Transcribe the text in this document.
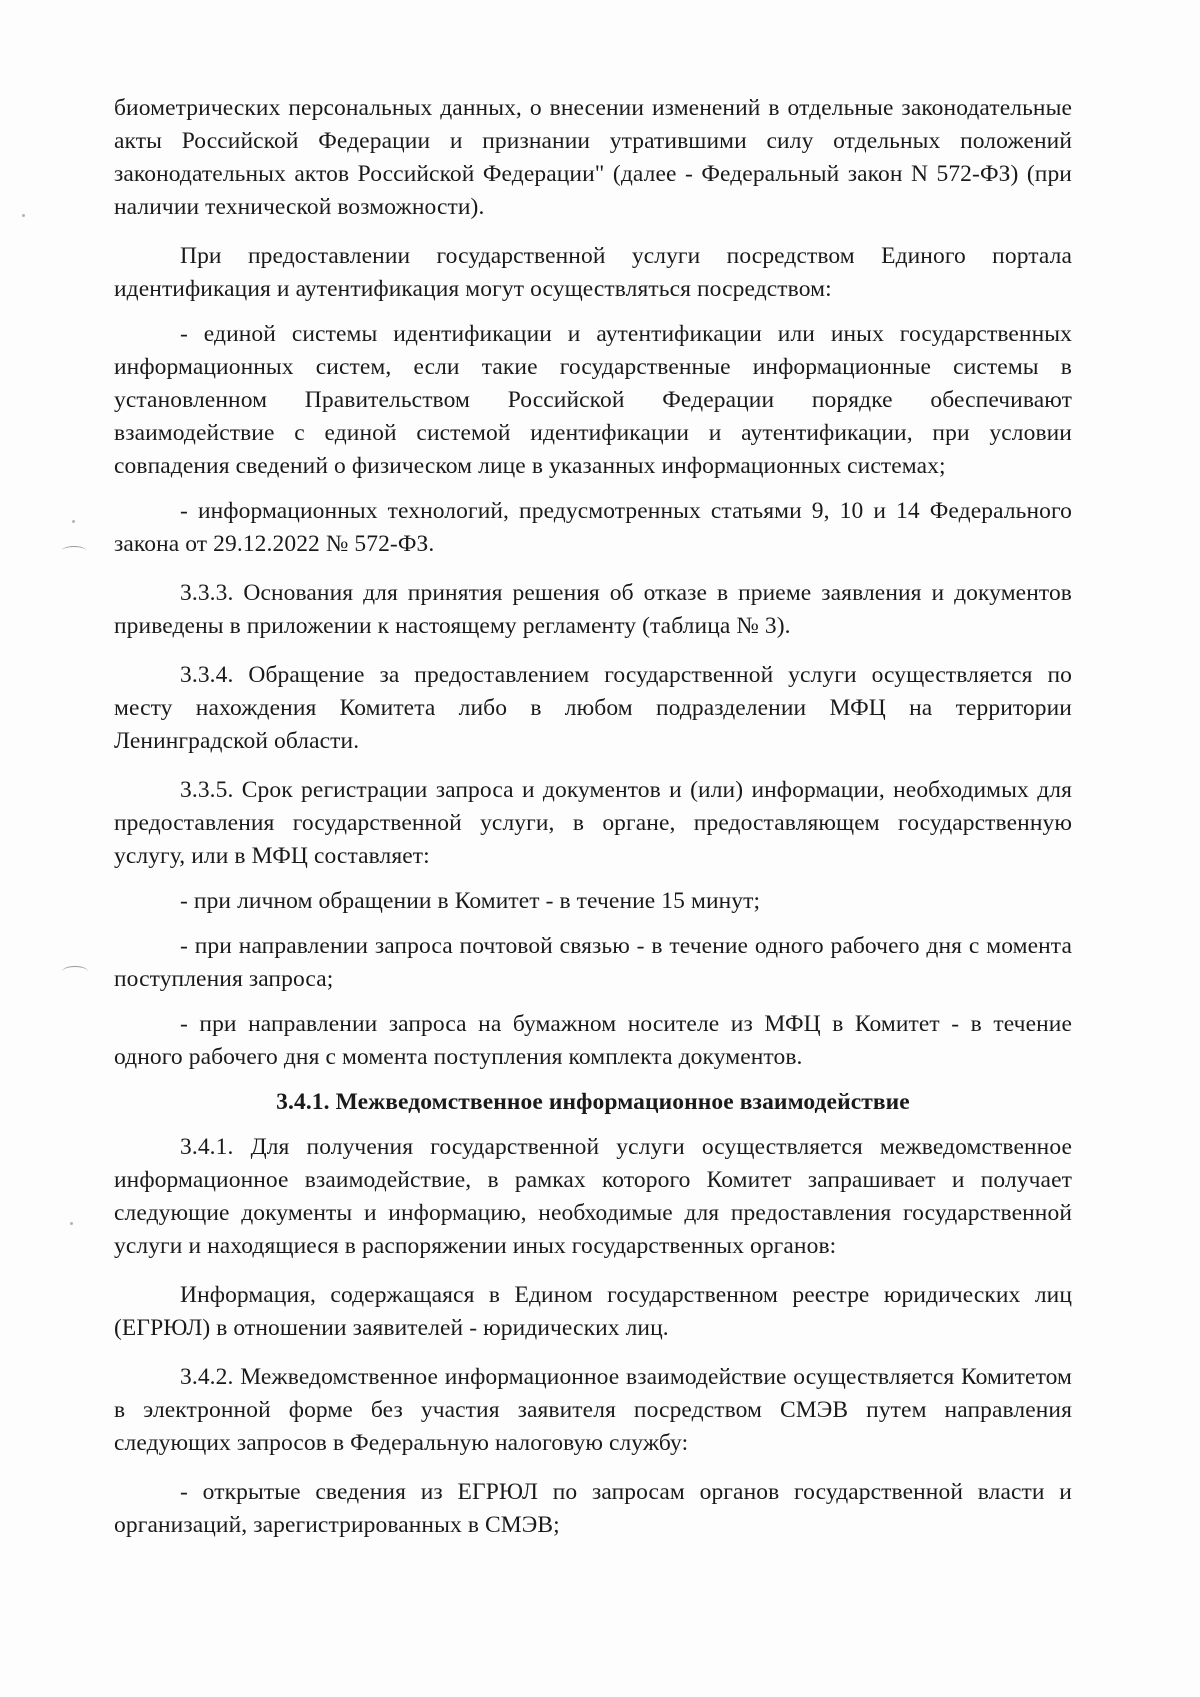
биометрических персональных данных, о внесении изменений в отдельные законодательные акты Российской Федерации и признании утратившими силу отдельных положений законодательных актов Российской Федерации" (далее - Федеральный закон N 572-ФЗ) (при наличии технической возможности).

При предоставлении государственной услуги посредством Единого портала идентификация и аутентификация могут осуществляться посредством:

- единой системы идентификации и аутентификации или иных государственных информационных систем, если такие государственные информационные системы в установленном Правительством Российской Федерации порядке обеспечивают взаимодействие с единой системой идентификации и аутентификации, при условии совпадения сведений о физическом лице в указанных информационных системах;

- информационных технологий, предусмотренных статьями 9, 10 и 14 Федерального закона от 29.12.2022 № 572-ФЗ.

3.3.3. Основания для принятия решения об отказе в приеме заявления и документов приведены в приложении к настоящему регламенту (таблица № 3).

3.3.4. Обращение за предоставлением государственной услуги осуществляется по месту нахождения Комитета либо в любом подразделении МФЦ на территории Ленинградской области.

3.3.5. Срок регистрации запроса и документов и (или) информации, необходимых для предоставления государственной услуги, в органе, предоставляющем государственную услугу, или в МФЦ составляет:

- при личном обращении в Комитет - в течение 15 минут;

- при направлении запроса почтовой связью - в течение одного рабочего дня с момента поступления запроса;

- при направлении запроса на бумажном носителе из МФЦ в Комитет - в течение одного рабочего дня с момента поступления комплекта документов.

3.4.1. Межведомственное информационное взаимодействие

3.4.1. Для получения государственной услуги осуществляется межведомственное информационное взаимодействие, в рамках которого Комитет запрашивает и получает следующие документы и информацию, необходимые для предоставления государственной услуги и находящиеся в распоряжении иных государственных органов:

Информация, содержащаяся в Едином государственном реестре юридических лиц (ЕГРЮЛ) в отношении заявителей - юридических лиц.

3.4.2. Межведомственное информационное взаимодействие осуществляется Комитетом в электронной форме без участия заявителя посредством СМЭВ путем направления следующих запросов в Федеральную налоговую службу:

- открытые сведения из ЕГРЮЛ по запросам органов государственной власти и организаций, зарегистрированных в СМЭВ;
